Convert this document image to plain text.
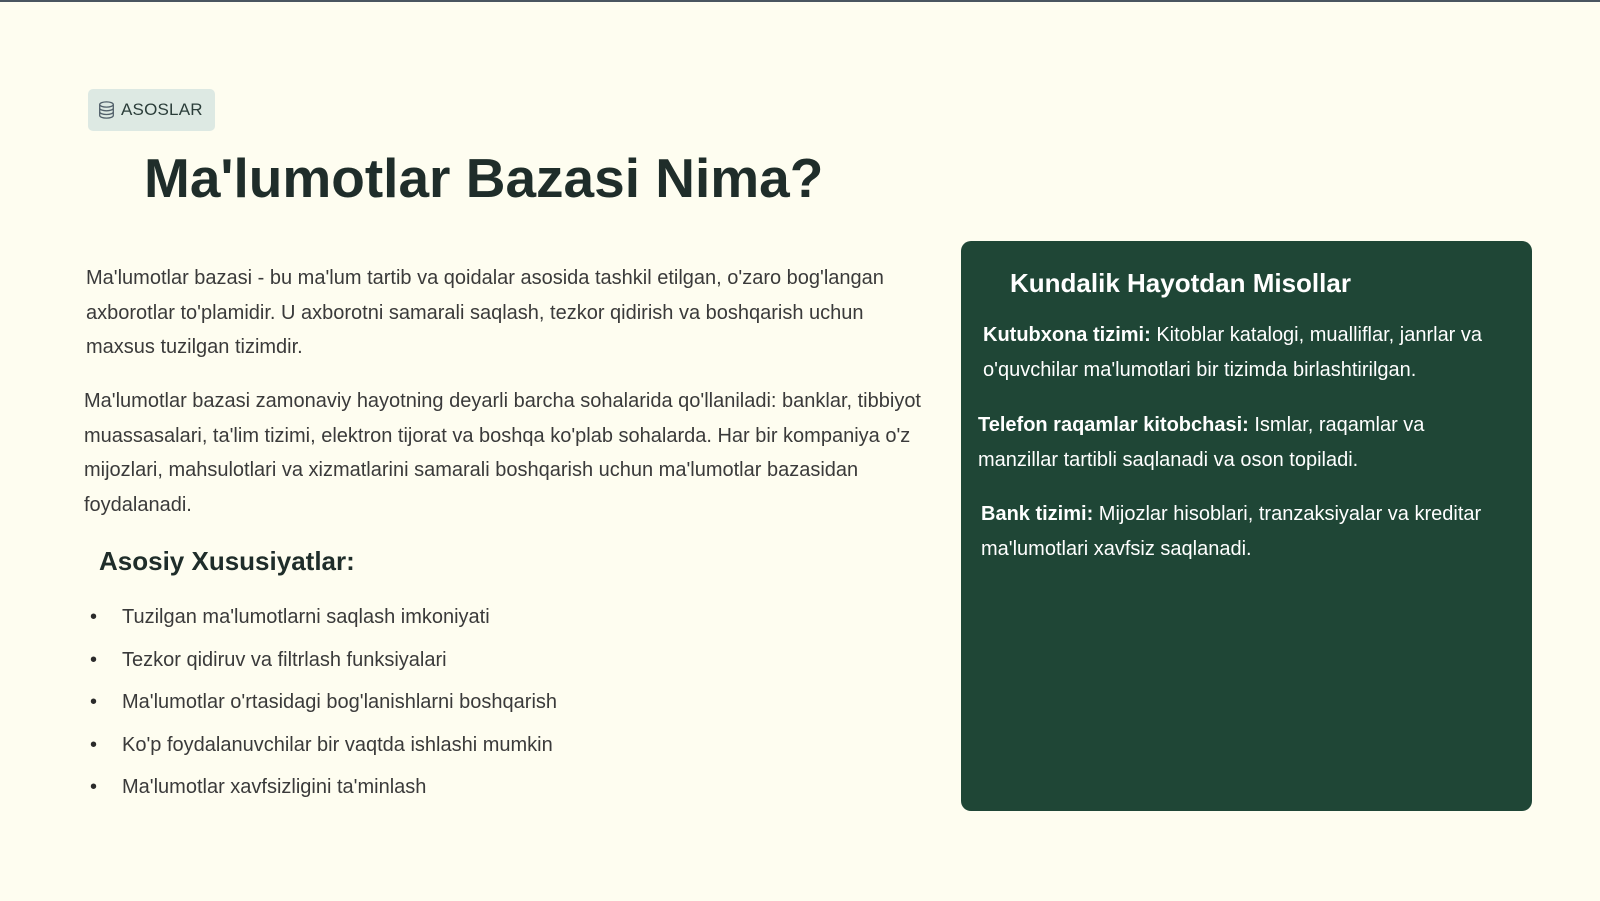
ASOSLAR
Ma'lumotlar Bazasi Nima?

Ma'lumotlar bazasi - bu ma'lum tartib va qoidalar asosida tashkil etilgan, o'zaro bog'langan axborotlar to'plamidir. U axborotni samarali saqlash, tezkor qidirish va boshqarish uchun maxsus tuzilgan tizimdir.

Ma'lumotlar bazasi zamonaviy hayotning deyarli barcha sohalarida qo'llaniladi: banklar, tibbiyot muassasalari, ta'lim tizimi, elektron tijorat va boshqa ko'plab sohalarda. Har bir kompaniya o'z mijozlari, mahsulotlari va xizmatlarini samarali boshqarish uchun ma'lumotlar bazasidan foydalanadi.

Asosiy Xususiyatlar:
• Tuzilgan ma'lumotlarni saqlash imkoniyati
• Tezkor qidiruv va filtrlash funksiyalari
• Ma'lumotlar o'rtasidagi bog'lanishlarni boshqarish
• Ko'p foydalanuvchilar bir vaqtda ishlashi mumkin
• Ma'lumotlar xavfsizligini ta'minlash
Kundalik Hayotdan Misollar

Kutubxona tizimi: Kitoblar katalogi, mualliflar, janrlar va o'quvchilar ma'lumotlari bir tizimda birlashtirilgan.

Telefon raqamlar kitobchasi: Ismlar, raqamlar va manzillar tartibli saqlanadi va oson topiladi.

Bank tizimi: Mijozlar hisoblari, tranzaksiyalar va kreditar ma'lumotlari xavfsiz saqlanadi.
